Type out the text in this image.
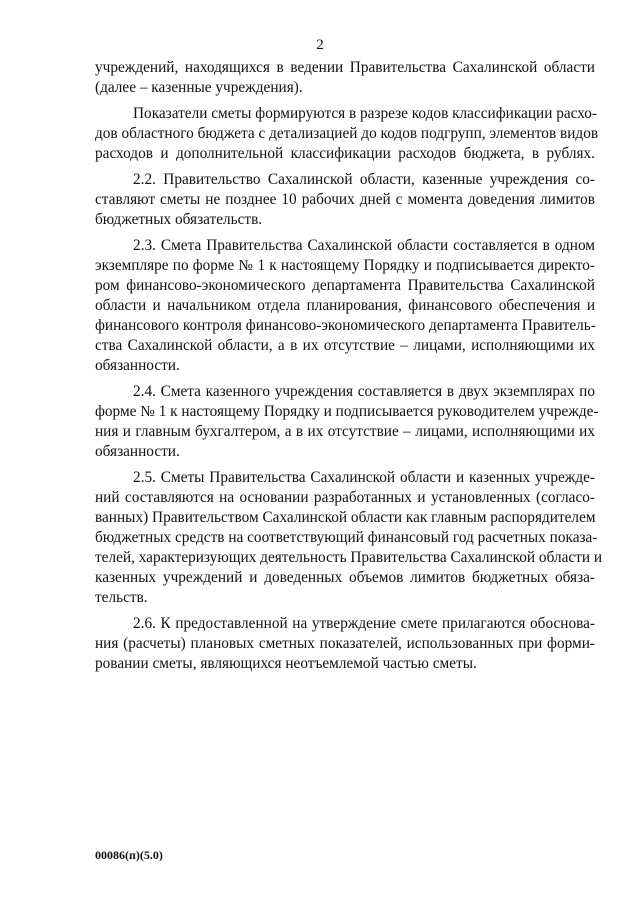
2
учреждений, находящихся в ведении Правительства Сахалинской области
(далее – казенные учреждения).
Показатели сметы формируются в разрезе кодов классификации расхо-
дов областного бюджета с детализацией до кодов подгрупп, элементов видов
расходов и дополнительной классификации расходов бюджета, в рублях.
2.2. Правительство Сахалинской области, казенные учреждения со-
ставляют сметы не позднее 10 рабочих дней с момента доведения лимитов
бюджетных обязательств.
2.3. Смета Правительства Сахалинской области составляется в одном
экземпляре по форме № 1 к настоящему Порядку и подписывается директо-
ром финансово-экономического департамента Правительства Сахалинской
области и начальником отдела планирования, финансового обеспечения и
финансового контроля финансово-экономического департамента Правитель-
ства Сахалинской области, а в их отсутствие – лицами, исполняющими их
обязанности.
2.4. Смета казенного учреждения составляется в двух экземплярах по
форме № 1 к настоящему Порядку и подписывается руководителем учрежде-
ния и главным бухгалтером, а в их отсутствие – лицами, исполняющими их
обязанности.
2.5. Сметы Правительства Сахалинской области и казенных учрежде-
ний составляются на основании разработанных и установленных (согласо-
ванных) Правительством Сахалинской области как главным распорядителем
бюджетных средств на соответствующий финансовый год расчетных показа-
телей, характеризующих деятельность Правительства Сахалинской области и
казенных учреждений и доведенных объемов лимитов бюджетных обяза-
тельств.
2.6. К предоставленной на утверждение смете прилагаются обоснова-
ния (расчеты) плановых сметных показателей, использованных при форми-
ровании сметы, являющихся неотъемлемой частью сметы.
00086(п)(5.0)
